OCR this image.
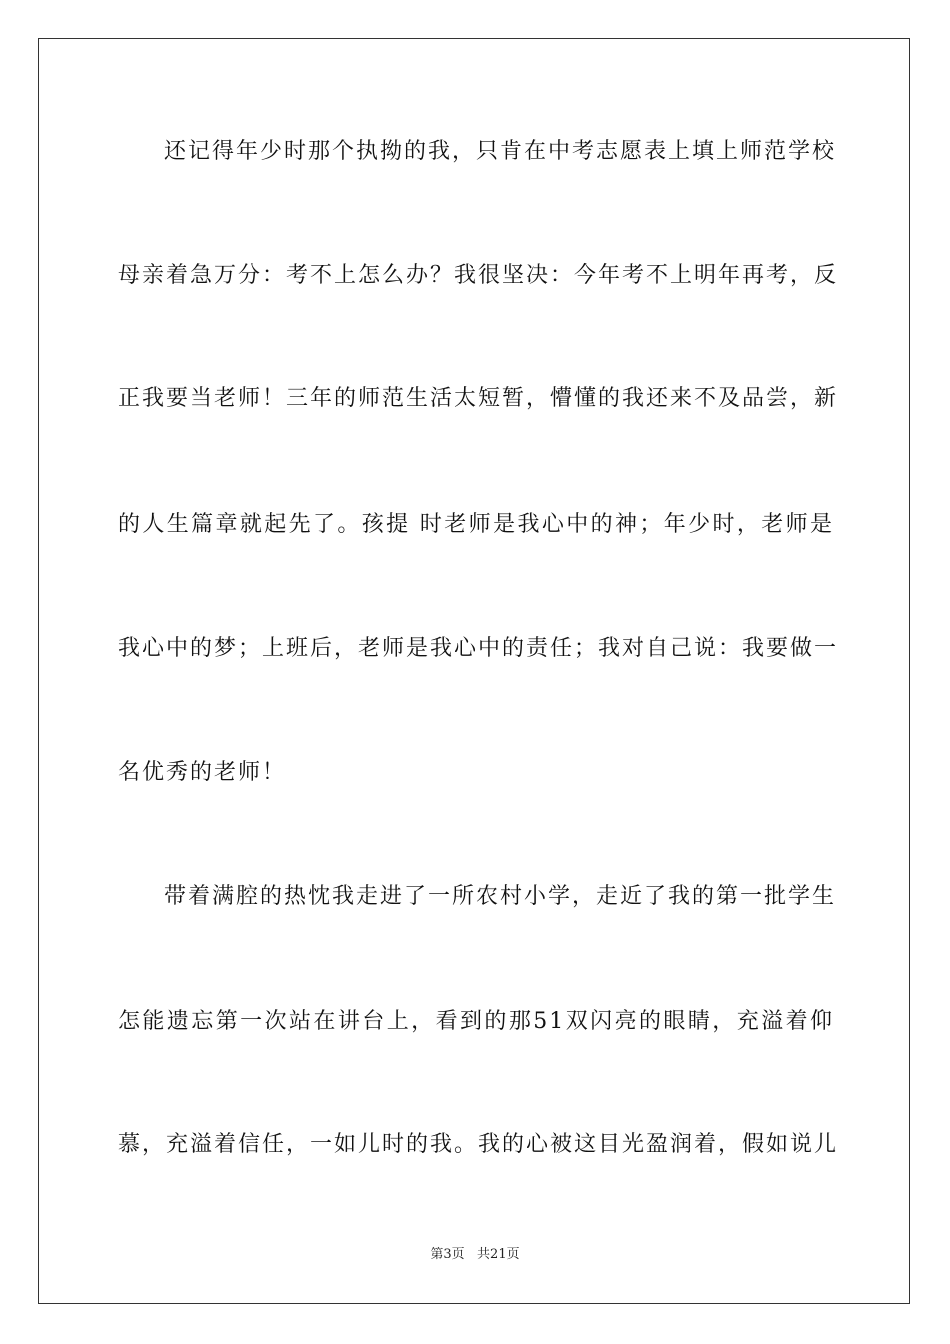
还记得年少时那个执拗的我，只肯在中考志愿表上填上师范学校
母亲着急万分：考不上怎么办？我很坚决：今年考不上明年再考，反
正我要当老师！三年的师范生活太短暂，懵懂的我还来不及品尝，新
的人生篇章就起先了。孩提 时老师是我心中的神；年少时，老师是
我心中的梦；上班后，老师是我心中的责任；我对自己说：我要做一
名优秀的老师！
带着满腔的热忱我走进了一所农村小学，走近了我的第一批学生
怎能遗忘第一次站在讲台上，看到的那51双闪亮的眼睛，充溢着仰
慕，充溢着信任，一如儿时的我。我的心被这目光盈润着，假如说儿
第3页   共21页
